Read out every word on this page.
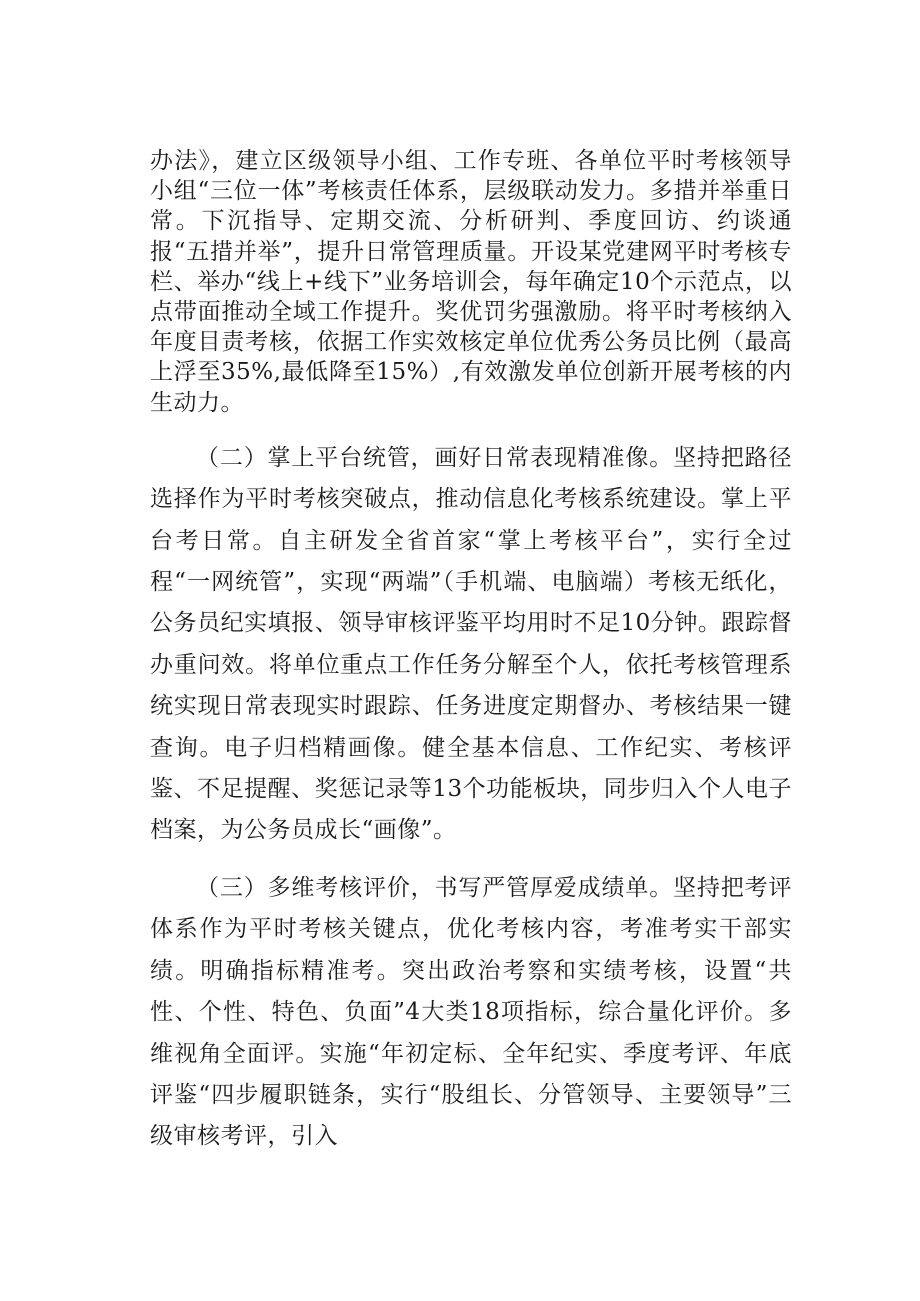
办法》，建立区级领导小组、工作专班、各单位平时考核领导小组“三位一体”考核责任体系，层级联动发力。多措并举重日常。下沉指导、定期交流、分析研判、季度回访、约谈通报“五措并举”，提升日常管理质量。开设某党建网平时考核专栏、举办“线上+线下”业务培训会，每年确定10个示范点，以点带面推动全域工作提升。奖优罚劣强激励。将平时考核纳入年度目责考核，依据工作实效核定单位优秀公务员比例（最高上浮至35%,最低降至15%）,有效激发单位创新开展考核的内生动力。

（二）掌上平台统管，画好日常表现精准像。坚持把路径选择作为平时考核突破点，推动信息化考核系统建设。掌上平台考日常。自主研发全省首家“掌上考核平台”，实行全过程“一网统管”，实现“两端”（手机端、电脑端）考核无纸化，公务员纪实填报、领导审核评鉴平均用时不足10分钟。跟踪督办重问效。将单位重点工作任务分解至个人，依托考核管理系统实现日常表现实时跟踪、任务进度定期督办、考核结果一键查询。电子归档精画像。健全基本信息、工作纪实、考核评鉴、不足提醒、奖惩记录等13个功能板块，同步归入个人电子档案，为公务员成长“画像”。

（三）多维考核评价，书写严管厚爱成绩单。坚持把考评体系作为平时考核关键点，优化考核内容，考准考实干部实绩。明确指标精准考。突出政治考察和实绩考核，设置“共性、个性、特色、负面”4大类18项指标，综合量化评价。多维视角全面评。实施“年初定标、全年纪实、季度考评、年底评鉴“四步履职链条，实行“股组长、分管领导、主要领导”三级审核考评，引入
